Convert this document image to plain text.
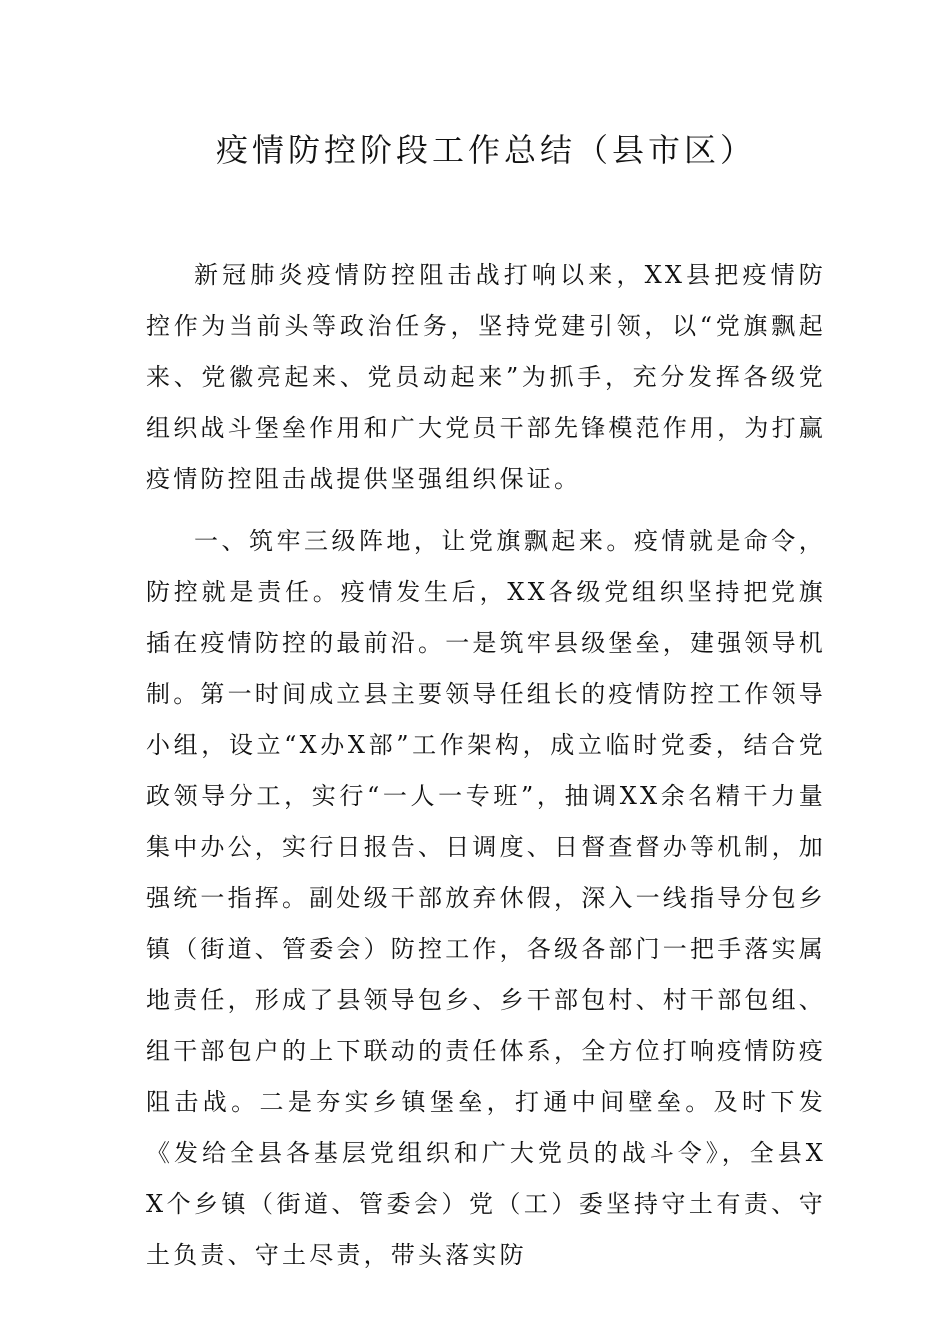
疫情防控阶段工作总结（县市区）

新冠肺炎疫情防控阻击战打响以来，XX县把疫情防控作为当前头等政治任务，坚持党建引领，以“党旗飘起来、党徽亮起来、党员动起来”为抓手，充分发挥各级党组织战斗堡垒作用和广大党员干部先锋模范作用，为打赢疫情防控阻击战提供坚强组织保证。

一、筑牢三级阵地，让党旗飘起来。疫情就是命令，防控就是责任。疫情发生后，XX各级党组织坚持把党旗插在疫情防控的最前沿。一是筑牢县级堡垒，建强领导机制。第一时间成立县主要领导任组长的疫情防控工作领导小组，设立“X办X部”工作架构，成立临时党委，结合党政领导分工，实行“一人一专班”，抽调XX余名精干力量集中办公，实行日报告、日调度、日督查督办等机制，加强统一指挥。副处级干部放弃休假，深入一线指导分包乡镇（街道、管委会）防控工作，各级各部门一把手落实属地责任，形成了县领导包乡、乡干部包村、村干部包组、组干部包户的上下联动的责任体系，全方位打响疫情防疫阻击战。二是夯实乡镇堡垒，打通中间壁垒。及时下发《发给全县各基层党组织和广大党员的战斗令》，全县XX个乡镇（街道、管委会）党（工）委坚持守土有责、守土负责、守土尽责，带头落实防
